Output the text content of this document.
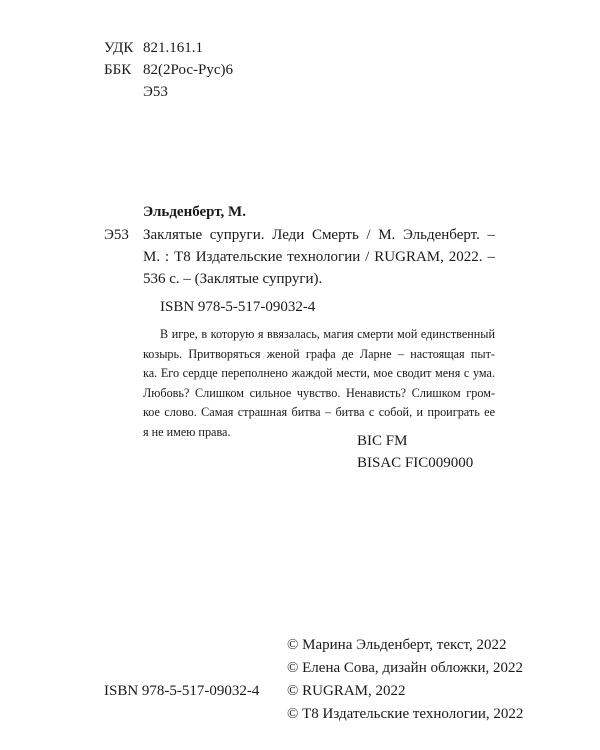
УДК 821.161.1
ББК 82(2Рос-Рус)6
Э53
Эльденберт, М.
Э53 Заклятые супруги. Леди Смерть / М. Эльденберт. –
М. : Т8 Издательские технологии / RUGRAM, 2022. –
536 с. – (Заклятые супруги).
ISBN 978-5-517-09032-4
В игре, в которую я ввязалась, магия смерти мой единственный
козырь. Притворяться женой графа де Ларне – настоящая пыт-
ка. Его сердце переполнено жаждой мести, мое сводит меня с ума.
Любовь? Слишком сильное чувство. Ненависть? Слишком гром-
кое слово. Самая страшная битва – битва с собой, и проиграть ее
я не имею права.
BIC FM
BISAC FIC009000
ISBN 978-5-517-09032-4
© Марина Эльденберт, текст, 2022
© Елена Сова, дизайн обложки, 2022
© RUGRAM, 2022
© Т8 Издательские технологии, 2022
